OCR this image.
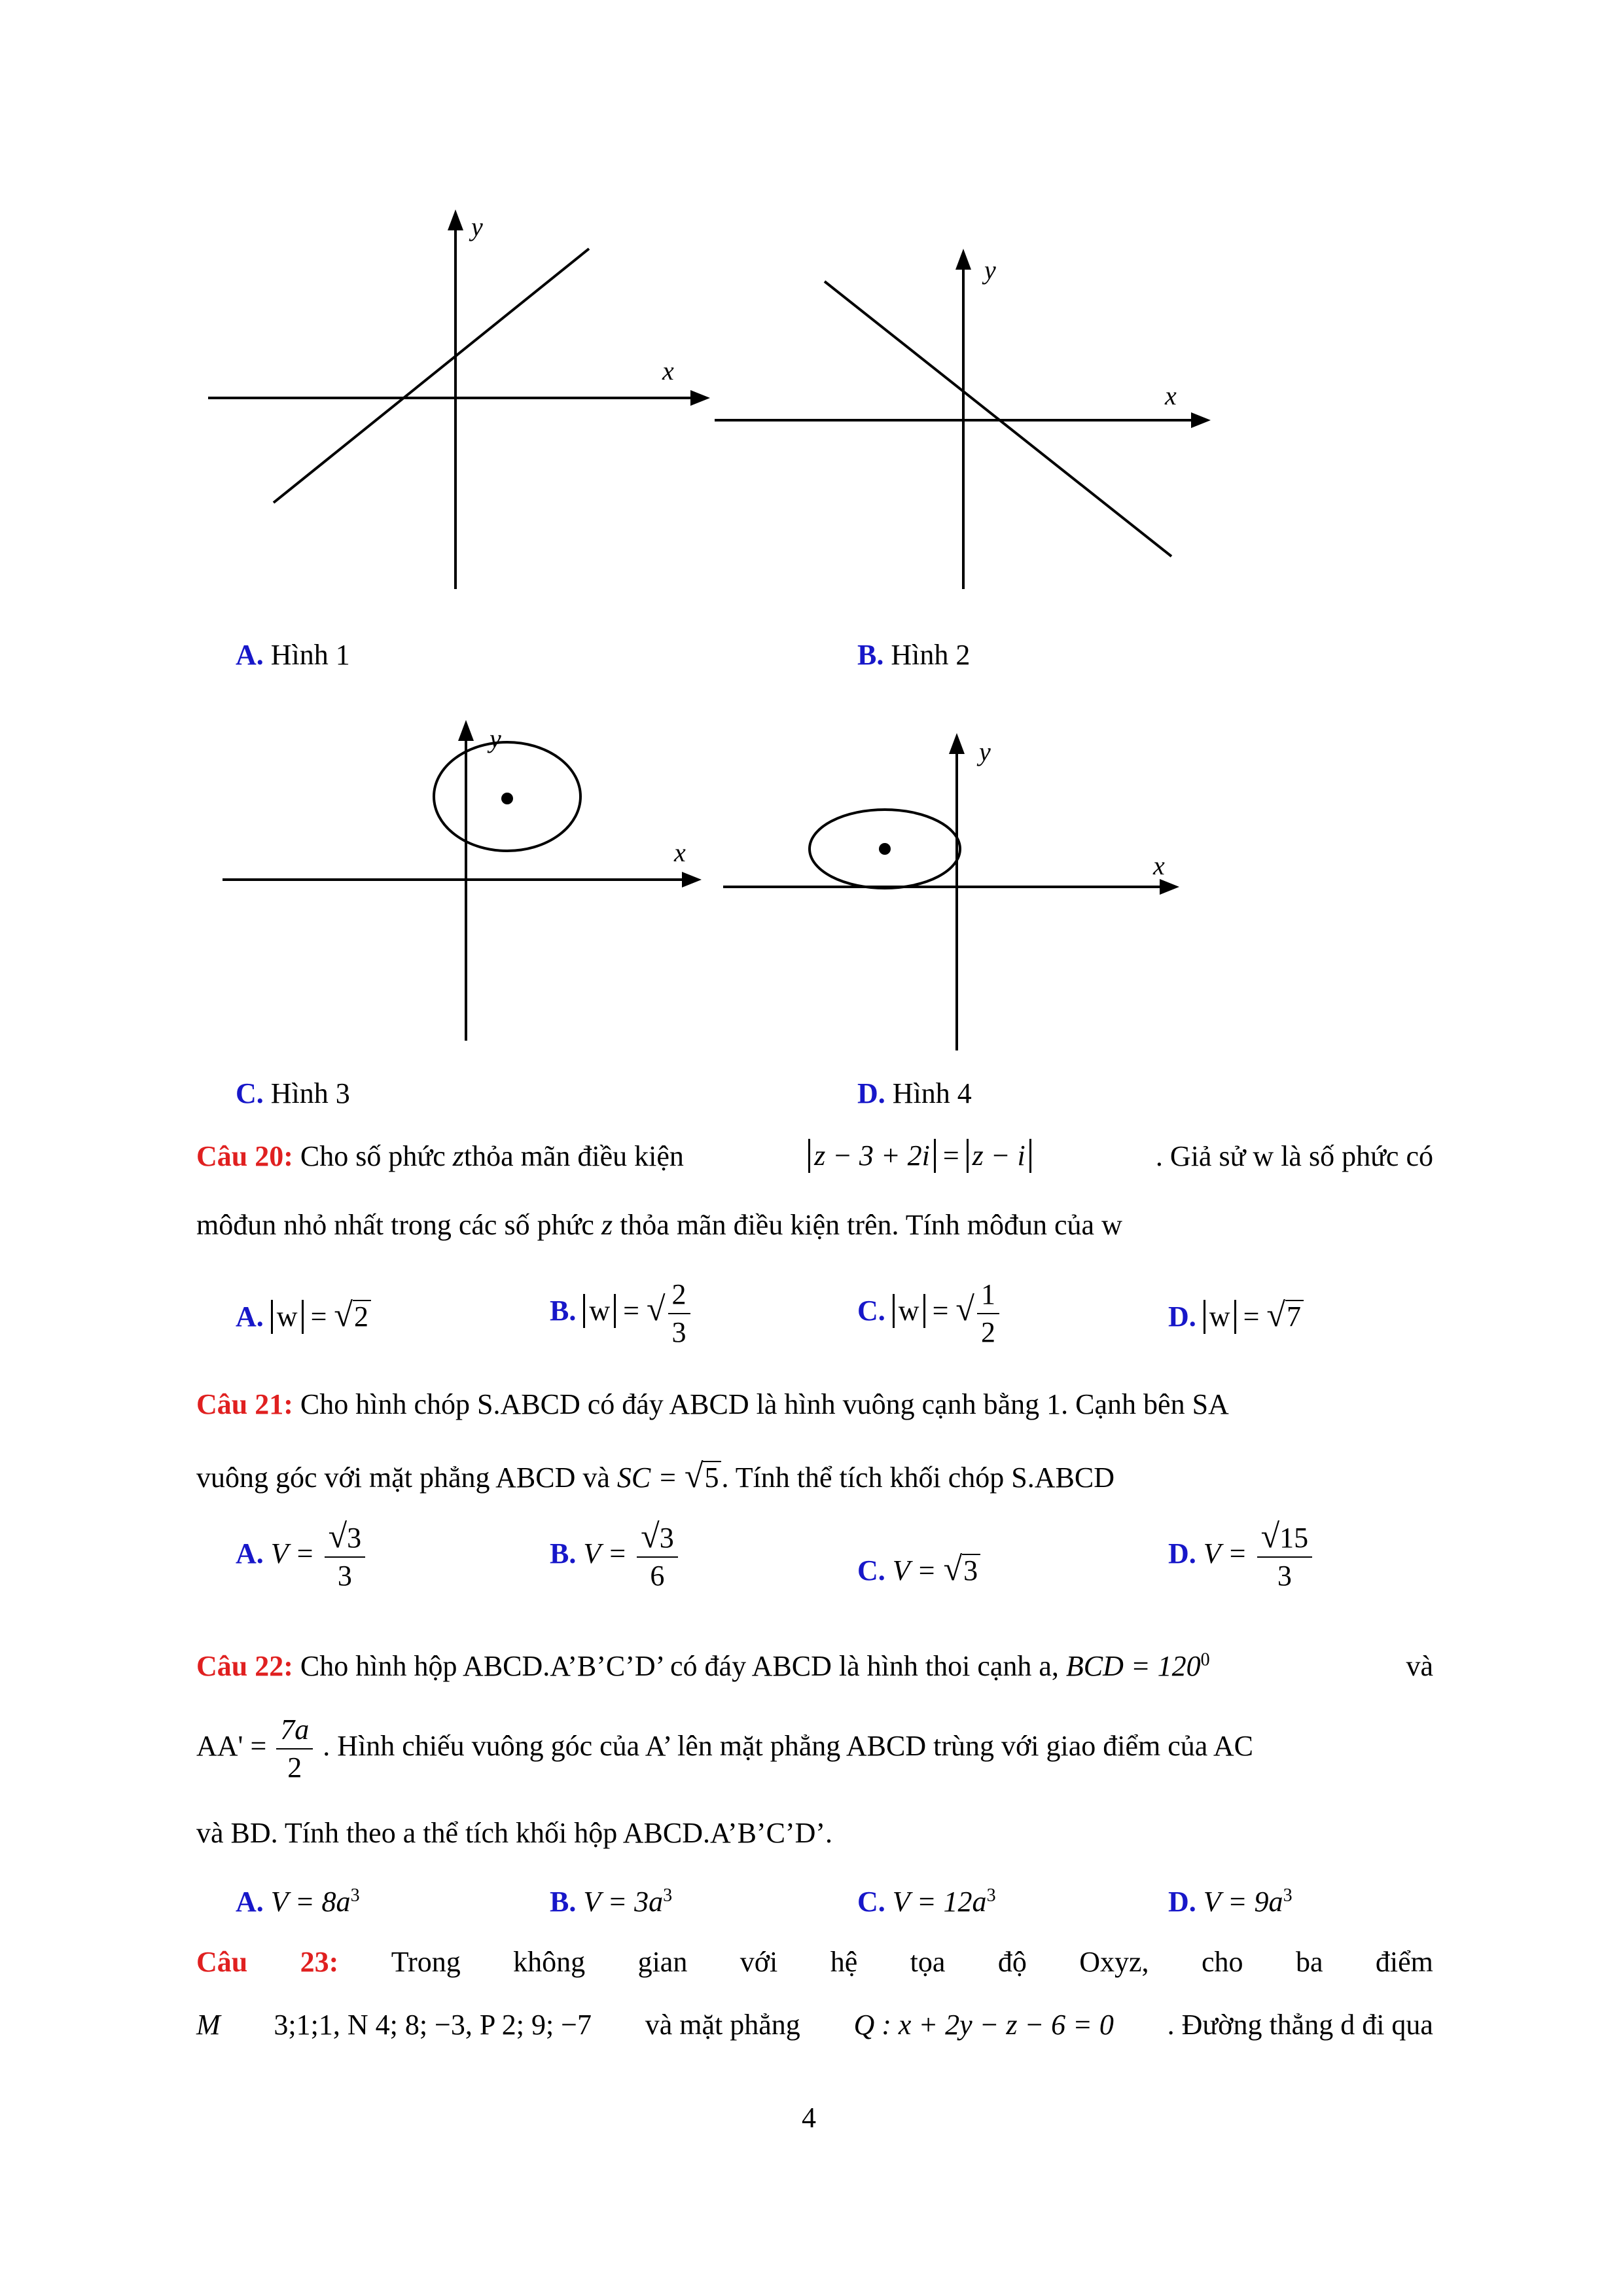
y
x
y
x
A. Hình 1	B. Hình 2
y
x
y
x
C. Hình 3	D. Hình 4
Câu 20: Cho số phức zthỏa mãn điều kiện	z − 3 + 2i = z − i	. Giả sử w là số phức có
môđun nhỏ nhất trong các số phức z thỏa mãn điều kiện trên. Tính môđun của w
A. w = √2	B. w = √ $\frac{2}{3}$	C. w = √ $\frac{1}{2}$	D. w = √7
Câu 21: Cho hình chóp S.ABCD có đáy ABCD là hình vuông cạnh bằng 1. Cạnh bên SA
vuông góc với mặt phẳng ABCD và SC = √5. Tính thể tích khối chóp S.ABCD
A. $V = \frac{√3}{3}$	B. $V = \frac{√3}{6}$	C. V = √3
D. $V = \frac{√15}{3}$
Câu 22: Cho hình hộp ABCD.A’B’C’D’ có đáy ABCD là hình thoi cạnh a, BCD = $120^0$	và
$AA' = \frac{7a}{2}$ . Hình chiếu vuông góc của A’ lên mặt phẳng ABCD trùng với giao điểm của AC
và BD. Tính theo a thể tích khối hộp ABCD.A’B’C’D’.
A. $V = 8a^3$	B. $V = 3a^3$	C. $V = 12a^3$	D. $V = 9a^3$
Câu 23: Trong không gian với hệ tọa độ Oxyz, cho ba điểm
M 3;1;1, N 4; 8; −3, P 2; 9; −7 và mặt phẳng Q : x + 2y − z − 6 = 0 . Đường thẳng d đi qua
4
